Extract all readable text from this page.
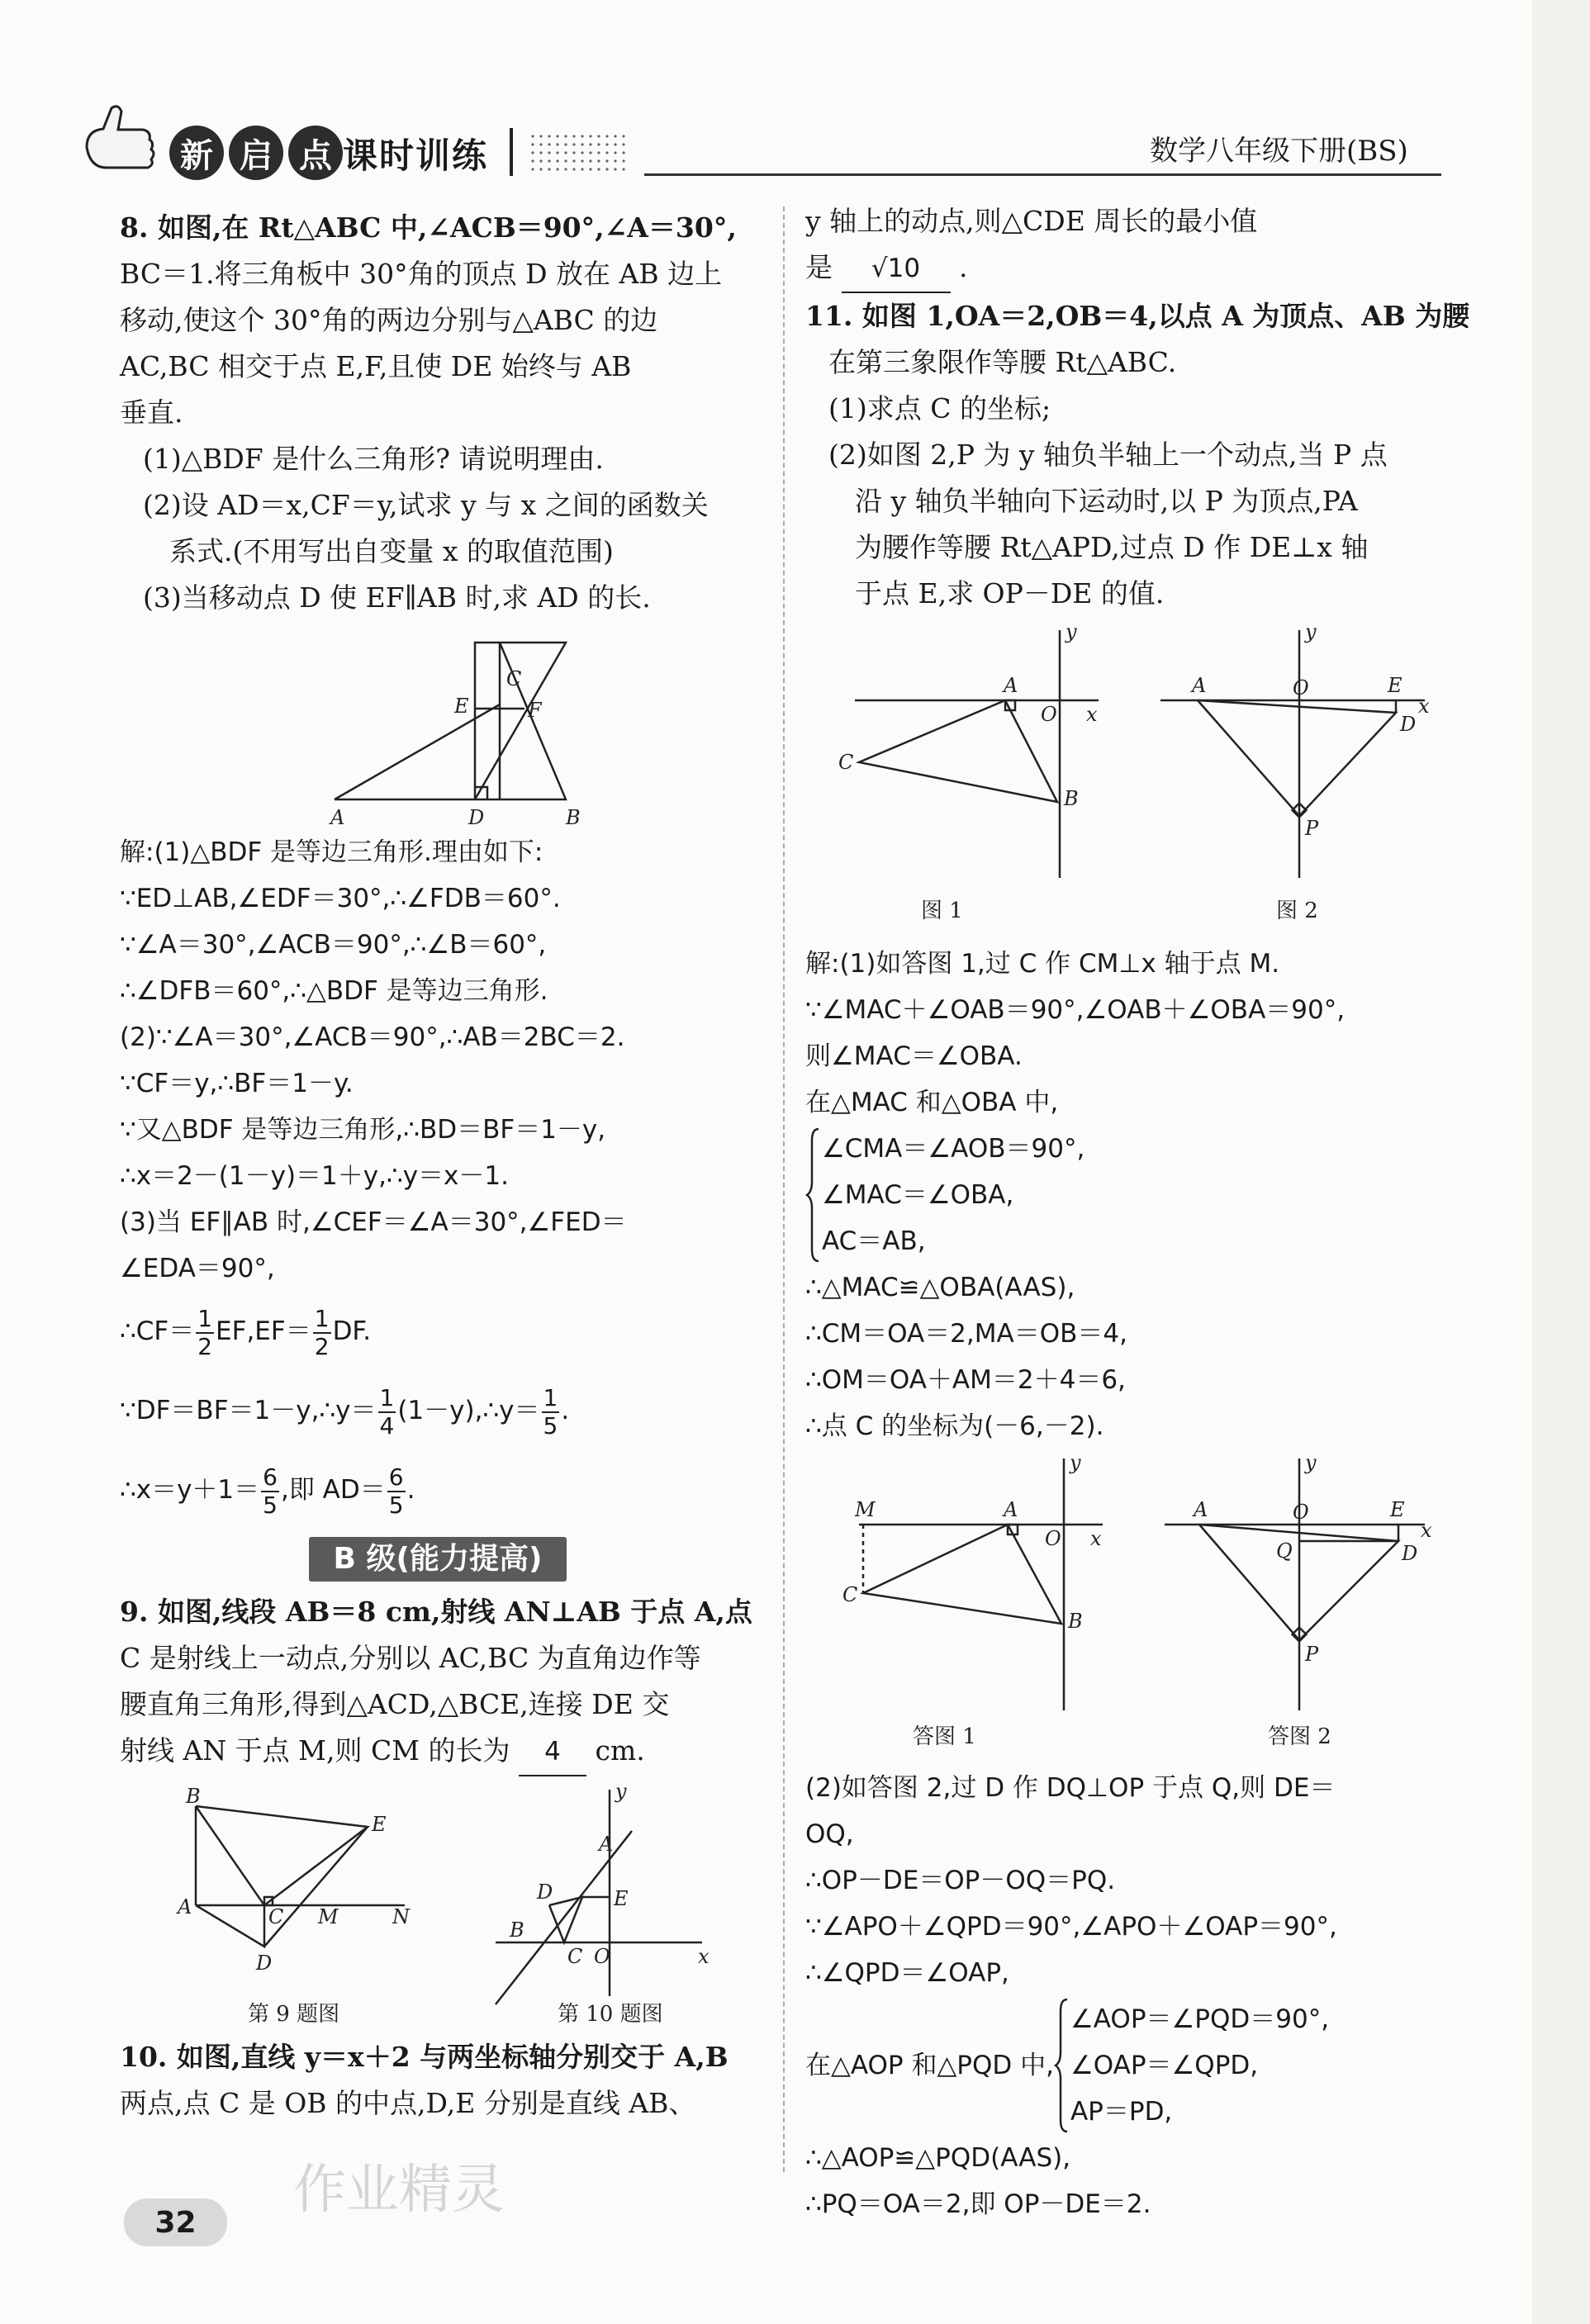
新 启 点 课时训练	数学八年级下册(BS)
8. 如图,在 Rt△ABC 中,∠ACB＝90°,∠A＝30°,
BC＝1.将三角板中 30°角的顶点 D 放在 AB 边上
移动,使这个 30°角的两边分别与△ABC 的边
AC,BC 相交于点 E,F,且使 DE 始终与 AB
垂直.
(1)△BDF 是什么三角形? 请说明理由.
(2)设 AD＝x,CF＝y,试求 y 与 x 之间的函数关
系式.(不用写出自变量 x 的取值范围)
(3)当移动点 D 使 EF∥AB 时,求 AD 的长.
C
E	F
A	D	B
解:(1)△BDF 是等边三角形.理由如下:
∵ED⊥AB,∠EDF＝30°,∴∠FDB＝60°.
∵∠A＝30°,∠ACB＝90°,∴∠B＝60°,
∴∠DFB＝60°,∴△BDF 是等边三角形.
(2)∵∠A＝30°,∠ACB＝90°,∴AB＝2BC＝2.
∵CF＝y,∴BF＝1－y.
∵又△BDF 是等边三角形,∴BD＝BF＝1－y,
∴x＝2－(1－y)＝1＋y,∴y＝x－1.
(3)当 EF∥AB 时,∠CEF＝∠A＝30°,∠FED＝
∠EDA＝90°,
∴CF＝ $\frac{1}{2} EF,EF= \frac{1}{2}$ DF.
∵DF＝BF＝1－y,∴y＝ $\frac{1}{4}$ (1－y),∴y＝ $\frac{1}{5}$ .
∴x＝y＋1＝ $\frac{6}{5}$ ,即 $AD= \frac{6}{5}$ .
B 级(能力提高)
9. 如图,线段 AB＝8 cm,射线 AN⊥AB 于点 A,点
C 是射线上一动点,分别以 AC,BC 为直角边作等
腰直角三角形,得到△ACD,△BCE,连接 DE 交
射线 AN 于点 M,则 CM 的长为 4 cm.
B
E
A	C M	N
D
y
A
D	E
B
C O	x
第 9 题图	第 10 题图
10. 如图,直线 y＝x＋2 与两坐标轴分别交于 A,B
两点,点 C 是 OB 的中点,D,E 分别是直线 AB、
y 轴上的动点,则△CDE 周长的最小值
是 √10 .
11. 如图 1,OA＝2,OB＝4,以点 A 为顶点、AB 为腰
在第三象限作等腰 Rt△ABC.
(1)求点 C 的坐标;
(2)如图 2,P 为 y 轴负半轴上一个动点,当 P 点
沿 y 轴负半轴向下运动时,以 P 为顶点,PA
为腰作等腰 Rt△APD,过点 D 作 DE⊥x 轴
于点 E,求 OP－DE 的值.
y
A
O x
C
B
y
A	O	E
x
D
P
图 1	图 2
解:(1)如答图 1,过 C 作 CM⊥x 轴于点 M.
∵∠MAC＋∠OAB＝90°,∠OAB＋∠OBA＝90°,
则∠MAC＝∠OBA.
在△MAC 和△OBA 中,
∠CMA＝∠AOB＝90°,
∠MAC＝∠OBA,
AC＝AB,
∴△MAC≌△OBA(AAS),
∴CM＝OA＝2,MA＝OB＝4,
∴OM＝OA＋AM＝2＋4＝6,
∴点 C 的坐标为(－6,－2).
y
M	A
O x
C
B
y
A	O	E
x
Q	D
P
答图 1	答图 2
(2)如答图 2,过 D 作 DQ⊥OP 于点 Q,则 DE＝
OQ,
∴OP－DE＝OP－OQ＝PQ.
∵∠APO＋∠QPD＝90°,∠APO＋∠OAP＝90°,
∴∠QPD＝∠OAP,
在△AOP 和△PQD 中,
∠AOP＝∠PQD＝90°,
∠OAP＝∠QPD,
AP＝PD,
∴△AOP≌△PQD(AAS),
∴PQ＝OA＝2,即 OP－DE＝2.
32
作业精灵
